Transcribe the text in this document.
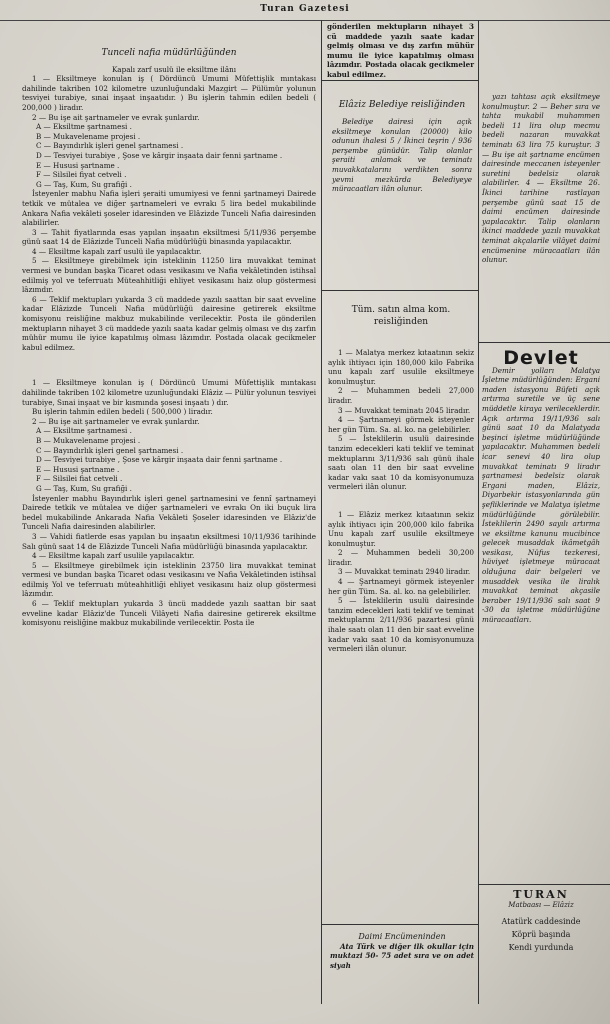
Turan Gazetesi
Tunceli nafia müdürlüğünden

Kapalı zarf usulü ile eksiltme ilânı

1 — Eksiltmeye konulan iş ( Dördüncü Umumi Müfettişlik mıntakası dahilinde takriben 102 kilometre uzunluğundaki Mazgirt — Pülümür yolunun tesviyei turabiye, sınai inşaat inşaatıdır. ) Bu işlerin tahmin edilen bedeli ( 200,000 ) liradır.

2 — Bu işe ait şartnameler ve evrak şunlardır.

A — Eksiltme şartnamesi .

B — Mukavelename projesi .

C — Bayındırlık işleri genel şartnamesi .

D — Tesviyei turabiye , Şose ve kârgir inşaata dair fenni şartname .

E — Hususi şartname .

F — Silsilei fiyat cetveli .

G — Taş, Kum, Su grafiği .

İsteyenler mabhu Nafia işleri şeraiti umumiyesi ve fenni şartnameyi Dairede tetkik ve mütalea ve diğer şartnameleri ve evrakı 5 lira bedel mukabilinde Ankara Nafia vekâleti şoseler idaresinden ve Elâzizde Tunceli Nafia dairesinden alabilirler.

3 — Tahit fiyatlarında esas yapılan inşaatın eksiltmesi 5/11/936 perşembe günü saat 14 de Elâzizde Tunceli Nafia müdürlüğü binasında yapılacaktır.

4 — Eksiltme kapalı zarf usulü ile yapılacaktır.

5 — Eksiltmeye girebilmek için isteklinin 11250 lira muvakkat teminat vermesi ve bundan başka Ticaret odası vesikasını ve Nafia vekâletinden istihsal edilmiş yol ve teferruatı Müteahhitliği ehliyet vesikasını haiz olup göstermesi lâzımdır.

6 — Teklif mektupları yukarda 3 cü maddede yazılı saattan bir saat evveline kadar Elâzizde Tunceli Nafia müdürlüğü dairesine getirerek eksiltme komisyonu reisliğine makbuz mukabilinde verilecektir. Posta ile gönderilen mektupların nihayet 3 cü maddede yazılı saata kadar gelmiş olması ve dış zarfın mühür mumu ile iyice kapatılmış olması lâzımdır. Postada olacak gecikmeler kabul edilmez.

1 — Eksiltmeye konulan iş ( Dördüncü Umumi Müfettişlik mıntakası dahilinde takriben 102 kilometre uzunluğundaki Elâziz — Pülür yolunun tesviyei turabiye, Sınai inşaat ve bir kısmında şosesi inşaatı ) dır.

Bu işlerin tahmin edilen bedeli ( 500,000 ) liradır.

2 — Bu işe ait şartnameler ve evrak şunlardır.

A — Eksiltme şartnamesi .

B — Mukavelename projesi .

C — Bayındırlık işleri genel şartnamesi .

D — Tesviyei turabiye , Şose ve kârgir inşaata dair fenni şartname .

E — Hususi şartname .

F — Silsilei fiat cetveli .

G — Taş, Kum, Su grafiği .

İsteyenler mabhu Bayındırlık işleri genel şartnamesini ve fennî şartnameyi Dairede tetkik ve mütalea ve diğer şartnameleri ve evrakı On iki buçuk lira bedel mukabilinde Ankarada Nafia Vekâleti Şoseler idaresinden ve Elâziz'de Tunceli Nafia dairesinden alabilirler.

3 — Vahidi fiatlerde esas yapılan bu inşaatın eksiltmesi 10/11/936 tarihinde Salı günü saat 14 de Elâzizde Tunceli Nafia müdürlüğü binasında yapılacaktır.

4 — Eksiltme kapalı zarf usulile yapılacaktır.

5 — Eksiltmeye girebilmek için isteklinin 23750 lira muvakkat teminat vermesi ve bundan başka Ticaret odası vesikasını ve Nafia Vekâletinden istihsal edilmiş Yol ve teferruatı müteahhitliği ehliyet vesikasını haiz olup göstermesi lâzımdır.

6 — Teklif mektupları yukarda 3 üncü maddede yazılı saattan bir saat evveline kadar Elâziz'de Tunceli Vilâyeti Nafia dairesine getirerek eksiltme komisyonu reisliğine makbuz mukabilinde verilecektir. Posta ile

gönderilen mektupların nihayet 3 cü maddede yazılı saate kadar gelmiş olması ve dış zarfın mühür mumu ile iyice kapatılmış olması lâzımdır. Postada olacak gecikmeler kabul edilmez.

Elâziz Belediye reisliğinden

Belediye dairesi için açık eksiltmeye konulan (20000) kilo odunun ihalesi 5 / İkinci teşrin / 936 perşembe günüdür. Talip olanlar şeraiti anlamak ve teminatı muvakkatalarını verdikten sonra yevmi mezkûrda Belediyeye müracaatları ilân olunur.

Tüm. satın alma kom. reisliğinden

1 — Malatya merkez kıtaatının sekiz aylık ihtiyacı için 180,000 kilo Fabrika unu kapalı zarf usulile eksiltmeye konulmuştur.

2 — Muhammen bedeli 27,000 liradır.

3 — Muvakkat teminatı 2045 liradır.

4 — Şartnameyi görmek isteyenler her gün Tüm. Sa. al. ko. na gelebilirler.

5 — İsteklilerin usulü dairesinde tanzim edecekleri kati teklif ve teminat mektuplarını 3/11/936 salı günü ihale saatı olan 11 den bir saat evveline kadar vakı saat 10 da komisyonumuza vermeleri ilân olunur.

1 — Elâziz merkez kıtaatının sekiz aylık ihtiyacı için 200,000 kilo fabrika Unu kapalı zarf usulile eksiltmeye konulmuştur.

2 — Muhammen bedeli 30,200 liradır.

3 — Muvakkat teminatı 2940 liradır.

4 — Şartnameyi görmek isteyenler her gün Tüm. Sa. al. ko. na gelebilirler.

5 — İsteklilerin usulü dairesinde tanzim edecekleri kati teklif ve teminat mektuplarını 2/11/936 pazartesi günü ihale saatı olan 11 den bir saat evveline kadar vakı saat 10 da komisyonumuza vermeleri ilân olunur.

Daimi Encümeninden

Ata Türk ve diğer ilk okullar için muktazi 50- 75 adet sıra ve on adet siyah

yazı tahtası açık eksiltmeye konulmuştur. 2 — Beher sıra ve tahta mukabil muhammen bedeli 11 lira olup mecmu bedeli nazaran muvakkat teminatı 63 lira 75 kuruştur. 3 — Bu işe ait şartname encümen dairesinde meccanen isteyenler suretini bedelsiz olarak alabilirler. 4 — Eksiltme 26. İkinci tarihine rastlayan perşembe günü saat 15 de daimi encümen dairesinde yapılacaktır. Talip olanların ikinci maddede yazılı muvakkat teminat akçalarile vilâyet daimi encümenine müracaatları ilân olunur.

Devlet

Demir yolları Malatya İşletme müdürlüğünden: Ergani maden istasyonu Büfeti açık artırma suretile ve üç sene müddetle kiraya verileceklerdir. Açık artırma 19/11/936 salı günü saat 10 da Malatyada beşinci işletme müdürlüğünde yapılacaktır. Muhammen bedeli icar senevi 40 lira olup muvakkat teminatı 9 liradır şartnamesi bedelsiz olarak Ergani maden, Elâziz, Diyarbekir istasyonlarında gün şefliklerinde ve Malatya işletme müdürlüğünde görülebilir. İsteklilerin 2490 sayılı artırma ve eksiltme kanunu mucibince gelecek musaddak ikâmetgâh vesikası, Nüfus tezkeresi, hüviyet işletmeye müracaat olduğuna dair belgeleri ve musaddek vesika ile liralık muvakkat teminat akçasile beraber 19/11/936 salı saat 9 -30 da işletme müdürlüğüne müracaatları.

TURAN
Matbaası — Elâziz
Atatürk caddesinde
Köprü başında
Kendi yurdunda
